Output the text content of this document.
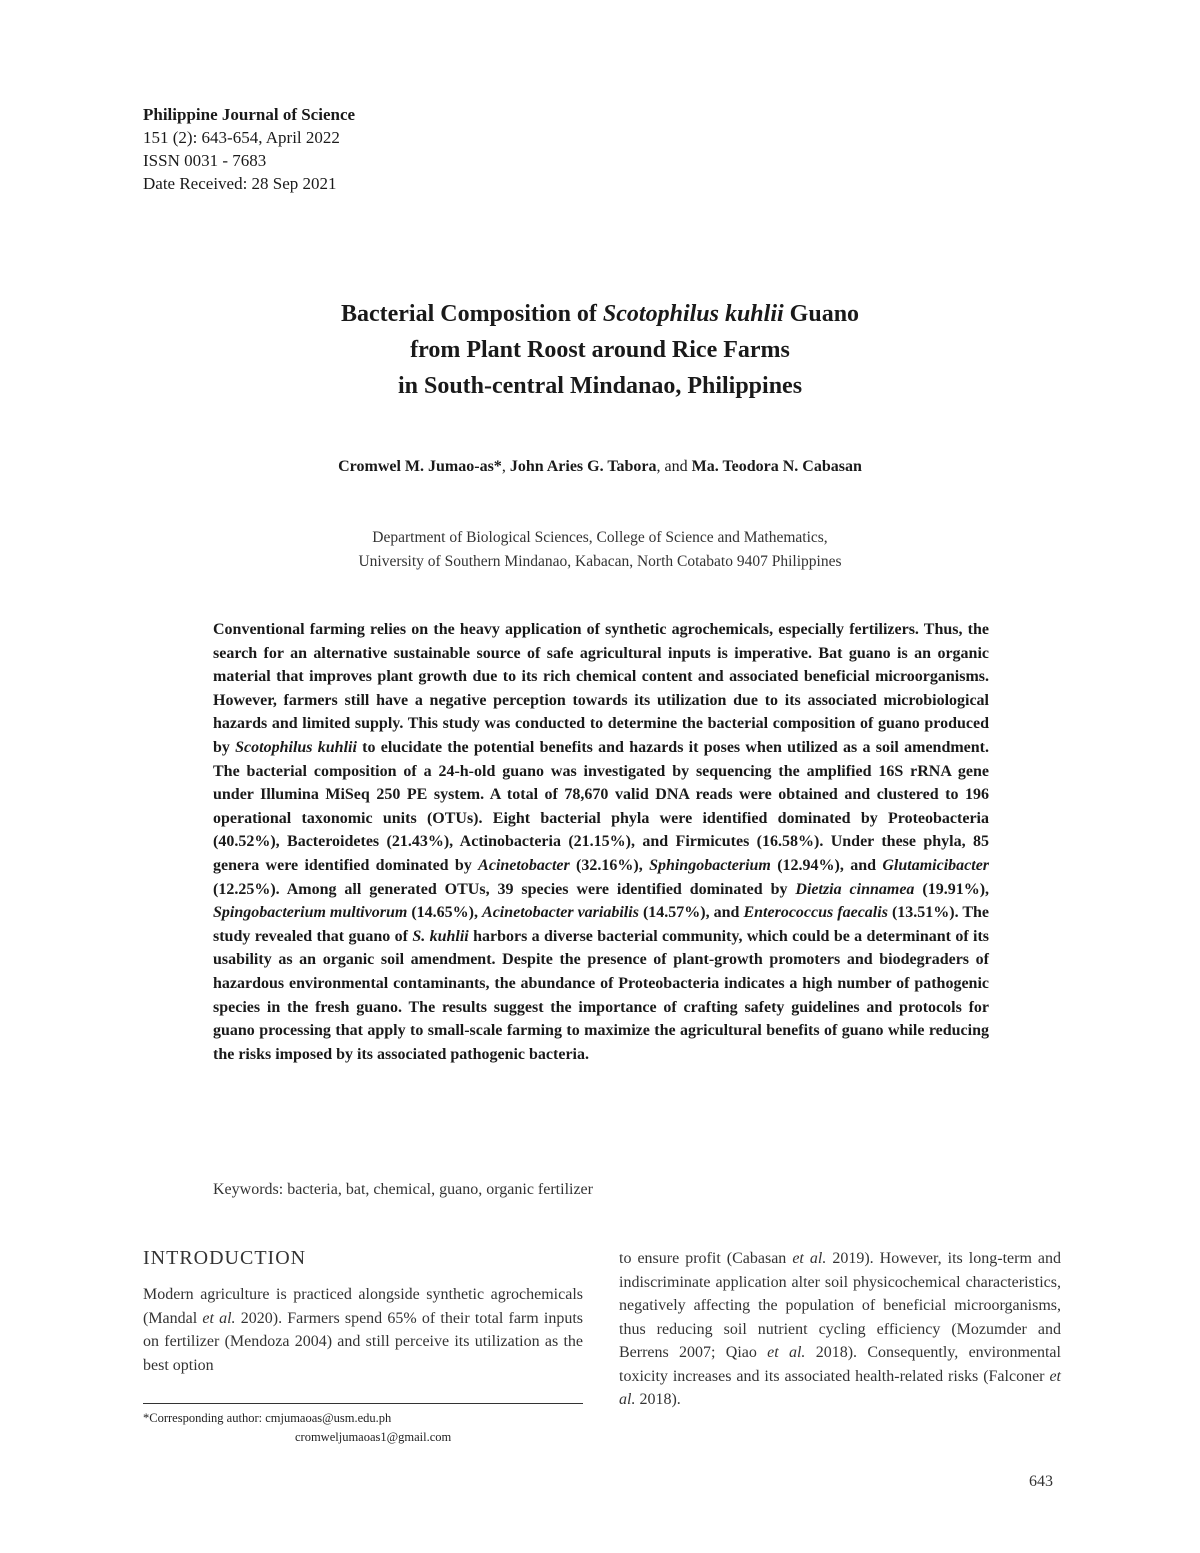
Philippine Journal of Science
151 (2): 643-654, April 2022
ISSN 0031 - 7683
Date Received: 28 Sep 2021
Bacterial Composition of Scotophilus kuhlii Guano
from Plant Roost around Rice Farms
in South-central Mindanao, Philippines
Cromwel M. Jumao-as*, John Aries G. Tabora, and Ma. Teodora N. Cabasan
Department of Biological Sciences, College of Science and Mathematics,
University of Southern Mindanao, Kabacan, North Cotabato 9407 Philippines
Conventional farming relies on the heavy application of synthetic agrochemicals, especially fertilizers. Thus, the search for an alternative sustainable source of safe agricultural inputs is imperative. Bat guano is an organic material that improves plant growth due to its rich chemical content and associated beneficial microorganisms. However, farmers still have a negative perception towards its utilization due to its associated microbiological hazards and limited supply. This study was conducted to determine the bacterial composition of guano produced by Scotophilus kuhlii to elucidate the potential benefits and hazards it poses when utilized as a soil amendment. The bacterial composition of a 24-h-old guano was investigated by sequencing the amplified 16S rRNA gene under Illumina MiSeq 250 PE system. A total of 78,670 valid DNA reads were obtained and clustered to 196 operational taxonomic units (OTUs). Eight bacterial phyla were identified dominated by Proteobacteria (40.52%), Bacteroidetes (21.43%), Actinobacteria (21.15%), and Firmicutes (16.58%). Under these phyla, 85 genera were identified dominated by Acinetobacter (32.16%), Sphingobacterium (12.94%), and Glutamicibacter (12.25%). Among all generated OTUs, 39 species were identified dominated by Dietzia cinnamea (19.91%), Spingobacterium multivorum (14.65%), Acinetobacter variabilis (14.57%), and Enterococcus faecalis (13.51%). The study revealed that guano of S. kuhlii harbors a diverse bacterial community, which could be a determinant of its usability as an organic soil amendment. Despite the presence of plant-growth promoters and biodegraders of hazardous environmental contaminants, the abundance of Proteobacteria indicates a high number of pathogenic species in the fresh guano. The results suggest the importance of crafting safety guidelines and protocols for guano processing that apply to small-scale farming to maximize the agricultural benefits of guano while reducing the risks imposed by its associated pathogenic bacteria.
Keywords: bacteria, bat, chemical, guano, organic fertilizer
INTRODUCTION
Modern agriculture is practiced alongside synthetic agrochemicals (Mandal et al. 2020). Farmers spend 65% of their total farm inputs on fertilizer (Mendoza 2004) and still perceive its utilization as the best option
to ensure profit (Cabasan et al. 2019). However, its long-term and indiscriminate application alter soil physicochemical characteristics, negatively affecting the population of beneficial microorganisms, thus reducing soil nutrient cycling efficiency (Mozumder and Berrens 2007; Qiao et al. 2018). Consequently, environmental toxicity increases and its associated health-related risks (Falconer et al. 2018).
*Corresponding author: cmjumaoas@usm.edu.ph
cromweljumaoas1@gmail.com
643
